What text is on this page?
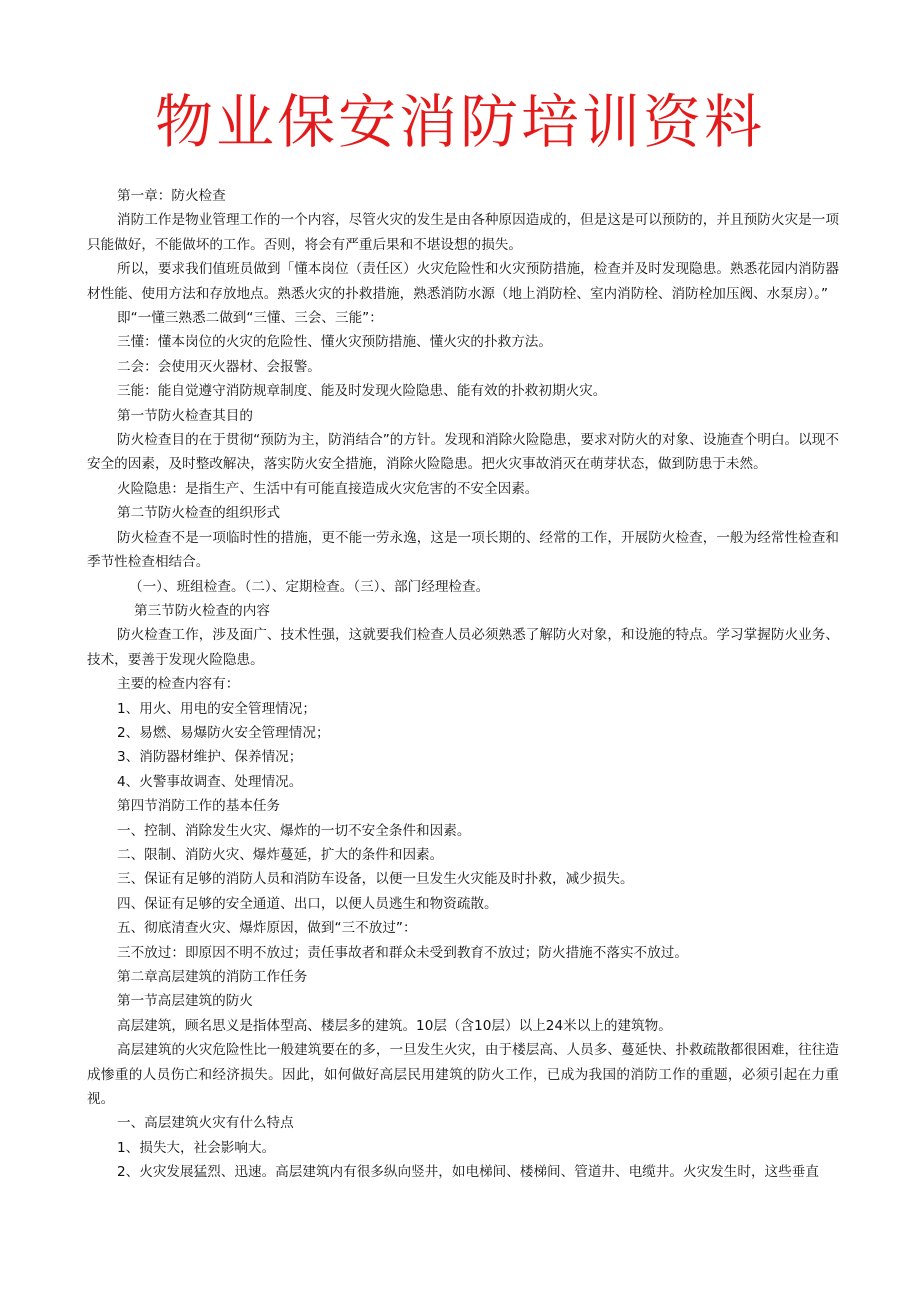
物业保安消防培训资料

第一章：防火检查

消防工作是物业管理工作的一个内容，尽管火灾的发生是由各种原因造成的，但是这是可以预防的，并且预防火灾是一项只能做好，不能做坏的工作。否则，将会有严重后果和不堪设想的损失。

所以，要求我们值班员做到「懂本岗位（责任区）火灾危险性和火灾预防措施，检查并及时发现隐患。熟悉花园内消防器材性能、使用方法和存放地点。熟悉火灾的扑救措施，熟悉消防水源（地上消防栓、室内消防栓、消防栓加压阀、水泵房）。”

即“一懂三熟悉二做到“三懂、三会、三能”：

三懂：懂本岗位的火灾的危险性、懂火灾预防措施、懂火灾的扑救方法。

二会：会使用灭火器材、会报警。

三能：能自觉遵守消防规章制度、能及时发现火险隐患、能有效的扑救初期火灾。

第一节防火检查其目的

防火检查目的在于贯彻“预防为主，防消结合”的方针。发现和消除火险隐患，要求对防火的对象、设施查个明白。以现不安全的因素，及时整改解决，落实防火安全措施，消除火险隐患。把火灾事故消灭在萌芽状态，做到防患于未然。

火险隐患：是指生产、生活中有可能直接造成火灾危害的不安全因素。

第二节防火检查的组织形式

防火检查不是一项临时性的措施，更不能一劳永逸，这是一项长期的、经常的工作，开展防火检查，一般为经常性检查和季节性检查相结合。

（一）、班组检查。（二）、定期检查。（三）、部门经理检查。

第三节防火检查的内容

防火检查工作，涉及面广、技术性强，这就要我们检查人员必须熟悉了解防火对象，和设施的特点。学习掌握防火业务、技术，要善于发现火险隐患。

主要的检查内容有：

1、用火、用电的安全管理情况；

2、易燃、易爆防火安全管理情况；

3、消防器材维护、保养情况；

4、火警事故调查、处理情况。

第四节消防工作的基本任务

一、控制、消除发生火灾、爆炸的一切不安全条件和因素。

二、限制、消防火灾、爆炸蔓延，扩大的条件和因素。

三、保证有足够的消防人员和消防车设备，以便一旦发生火灾能及时扑救，减少损失。

四、保证有足够的安全通道、出口，以便人员逃生和物资疏散。

五、彻底清查火灾、爆炸原因，做到“三不放过”：

三不放过：即原因不明不放过；责任事故者和群众未受到教育不放过；防火措施不落实不放过。

第二章高层建筑的消防工作任务

第一节高层建筑的防火

高层建筑，顾名思义是指体型高、楼层多的建筑。10层（含10层）以上24米以上的建筑物。

高层建筑的火灾危险性比一般建筑要在的多，一旦发生火灾，由于楼层高、人员多、蔓延快、扑救疏散都很困难，往往造成惨重的人员伤亡和经济损失。因此，如何做好高层民用建筑的防火工作，已成为我国的消防工作的重题，必须引起在力重视。

一、高层建筑火灾有什么特点

1、损失大，社会影响大。

2、火灾发展猛烈、迅速。高层建筑内有很多纵向竖井，如电梯间、楼梯间、管道井、电缆井。火灾发生时，这些垂直
